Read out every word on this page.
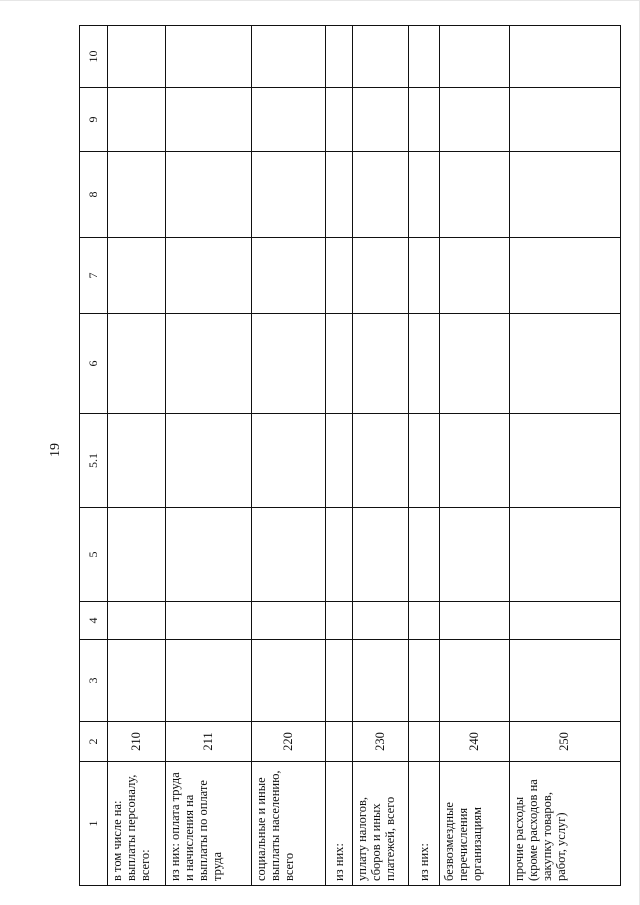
19
1	2	3	4	5	5.1	6	7	8	9	10
в том числе на: выплаты персоналу, всего:	210									
из них: оплата труда и начисления на выплаты по оплате труда	211									
социальные и иные выплаты населению, всего	220									
из них:										
уплату налогов, сборов и иных платежей, всего	230									
из них:										
безвозмездные перечисления организациям	240									
прочие расходы (кроме расходов на закупку товаров, работ, услуг)	250									
